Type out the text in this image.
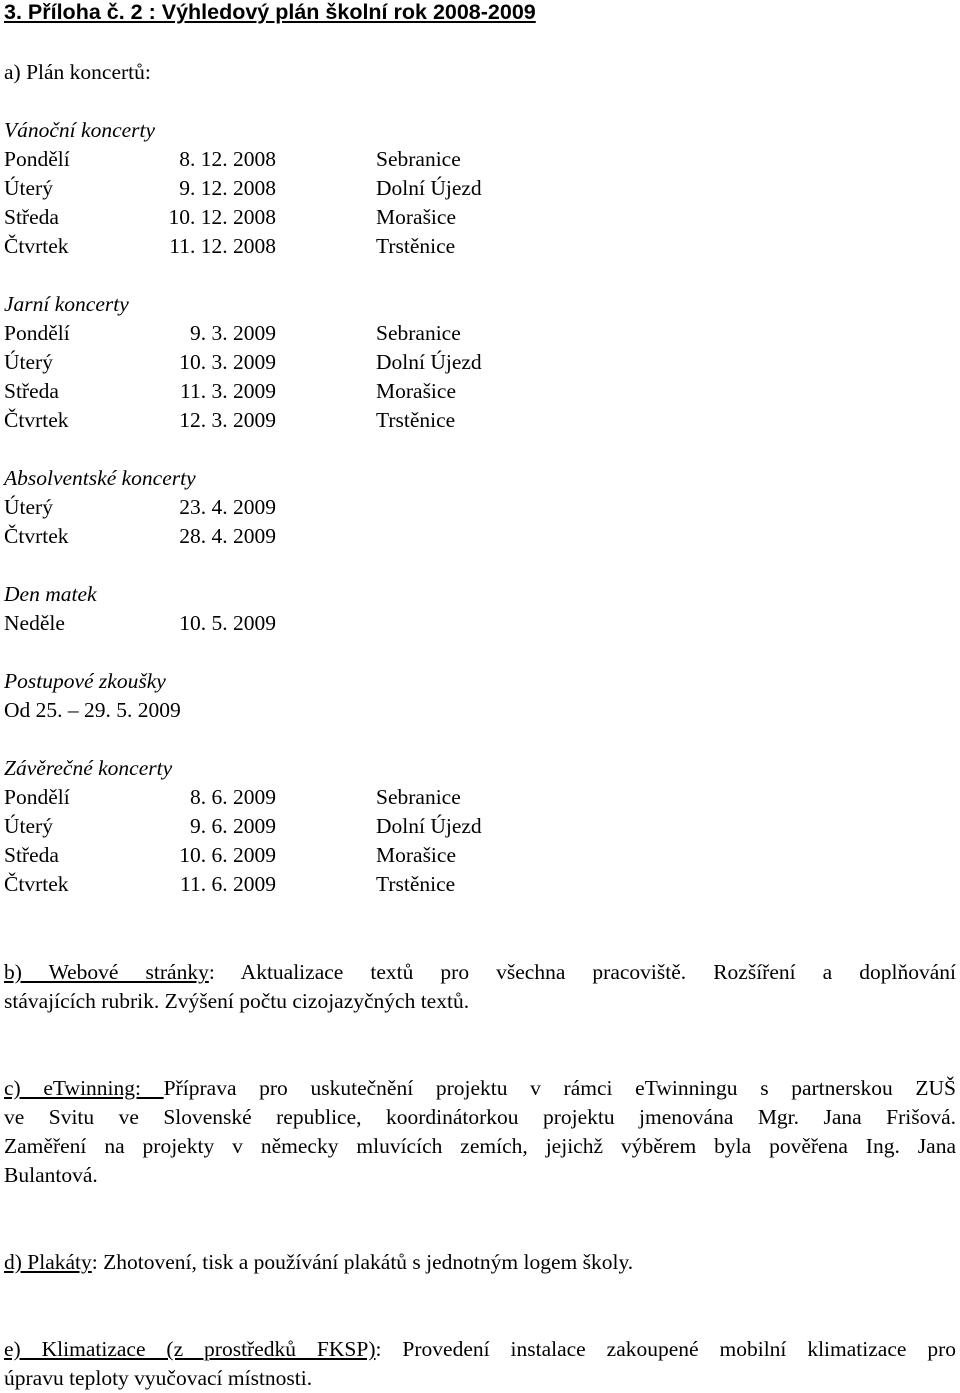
3. Příloha č. 2 : Výhledový plán školní rok 2008-2009
a) Plán koncertů:
Vánoční koncerty
Pondělí	8. 12. 2008	Sebranice
Úterý	9. 12. 2008	Dolní Újezd
Středa	10. 12. 2008	Morašice
Čtvrtek	11. 12. 2008	Trstěnice
Jarní koncerty
Pondělí	9. 3. 2009	Sebranice
Úterý	10. 3. 2009	Dolní Újezd
Středa	11. 3. 2009	Morašice
Čtvrtek	12. 3. 2009	Trstěnice
Absolventské koncerty
Úterý	23. 4. 2009
Čtvrtek	28. 4. 2009
Den matek
Neděle	10. 5. 2009
Postupové zkoušky
Od 25. – 29. 5. 2009
Závěrečné koncerty
Pondělí	8. 6. 2009	Sebranice
Úterý	9. 6. 2009	Dolní Újezd
Středa	10. 6. 2009	Morašice
Čtvrtek	11. 6. 2009	Trstěnice
b) Webové stránky: Aktualizace textů pro všechna pracoviště. Rozšíření a doplňování
stávajících rubrik. Zvýšení počtu cizojazyčných textů.
c) eTwinning: Příprava pro uskutečnění projektu v rámci eTwinningu s partnerskou ZUŠ
ve Svitu ve Slovenské republice, koordinátorkou projektu jmenována Mgr. Jana Frišová.
Zaměření na projekty v německy mluvících zemích, jejichž výběrem byla pověřena Ing. Jana
Bulantová.
d) Plakáty: Zhotovení, tisk a používání plakátů s jednotným logem školy.
e) Klimatizace (z prostředků FKSP): Provedení instalace zakoupené mobilní klimatizace pro
úpravu teploty vyučovací místnosti.
